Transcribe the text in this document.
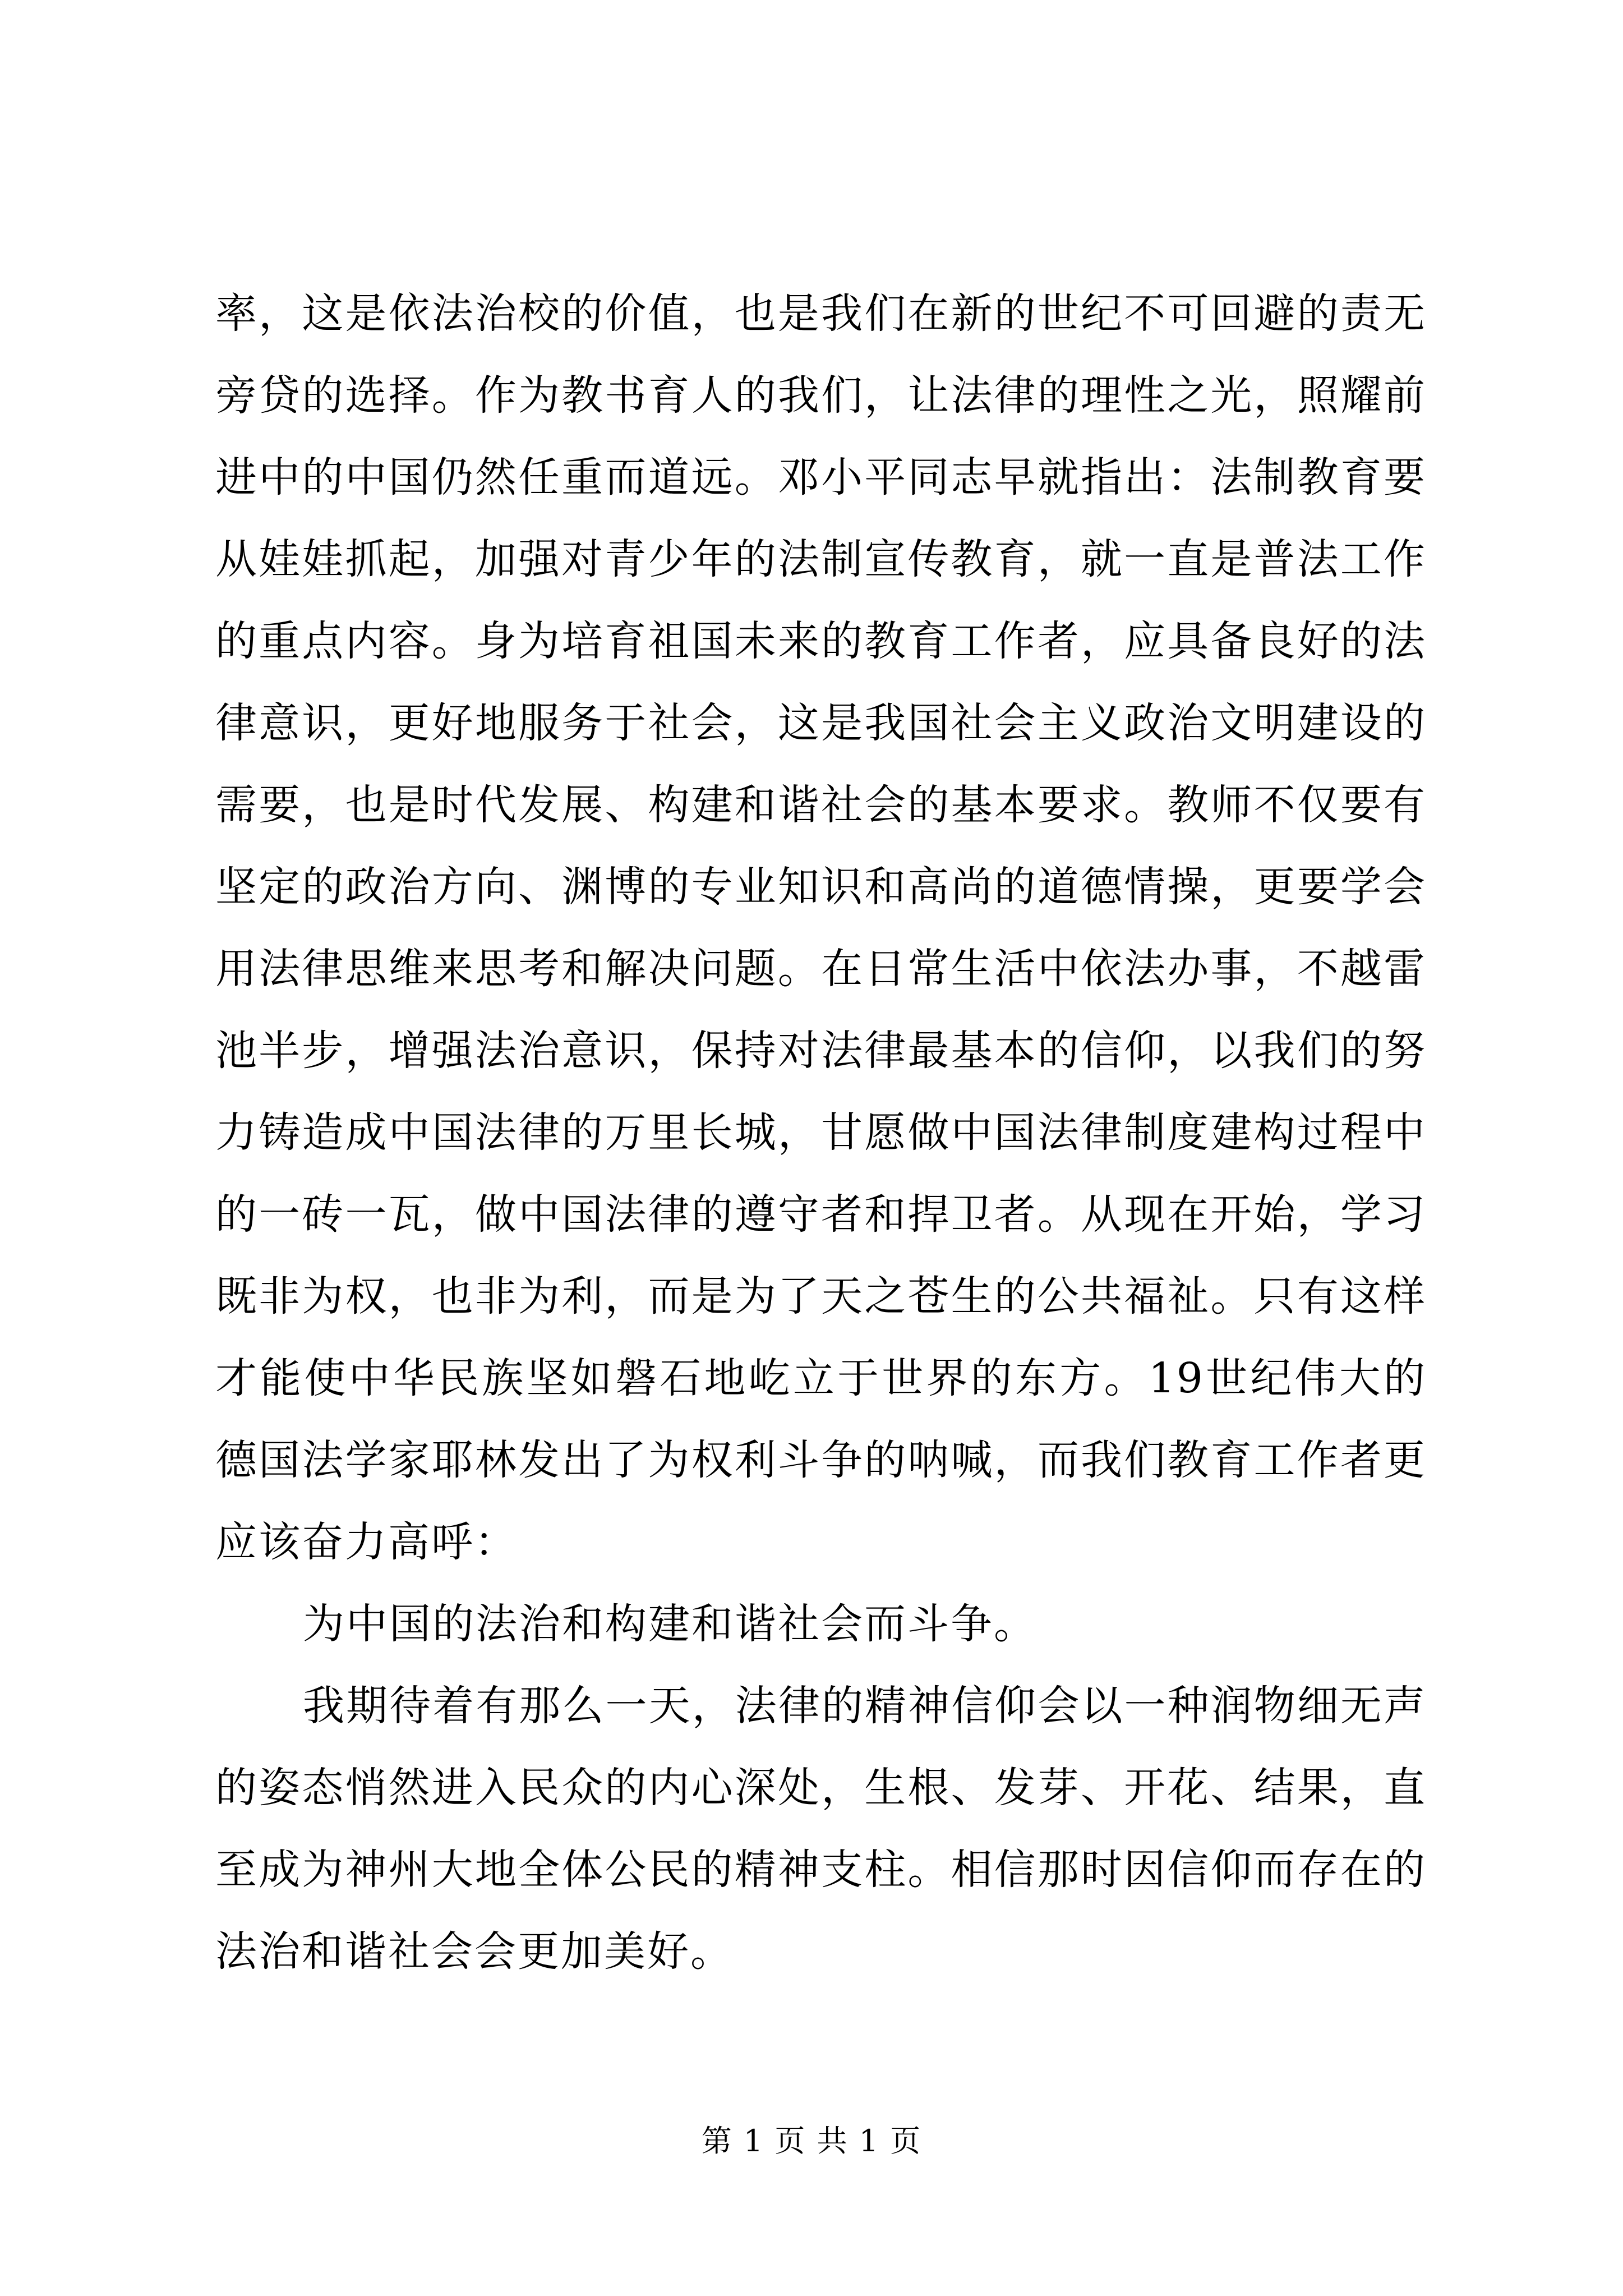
率，这是依法治校的价值，也是我们在新的世纪不可回避的责无旁贷的选择。作为教书育人的我们，让法律的理性之光，照耀前进中的中国仍然任重而道远。邓小平同志早就指出：法制教育要从娃娃抓起，加强对青少年的法制宣传教育，就一直是普法工作的重点内容。身为培育祖国未来的教育工作者，应具备良好的法律意识，更好地服务于社会，这是我国社会主义政治文明建设的需要，也是时代发展、构建和谐社会的基本要求。教师不仅要有坚定的政治方向、渊博的专业知识和高尚的道德情操，更要学会用法律思维来思考和解决问题。在日常生活中依法办事，不越雷池半步，增强法治意识，保持对法律最基本的信仰，以我们的努力铸造成中国法律的万里长城，甘愿做中国法律制度建构过程中的一砖一瓦，做中国法律的遵守者和捍卫者。从现在开始，学习既非为权，也非为利，而是为了天之苍生的公共福祉。只有这样才能使中华民族坚如磐石地屹立于世界的东方。19世纪伟大的德国法学家耶林发出了为权利斗争的呐喊，而我们教育工作者更应该奋力高呼：

为中国的法治和构建和谐社会而斗争。

我期待着有那么一天，法律的精神信仰会以一种润物细无声的姿态悄然进入民众的内心深处，生根、发芽、开花、结果，直至成为神州大地全体公民的精神支柱。相信那时因信仰而存在的法治和谐社会会更加美好。

第 1 页 共 1 页
